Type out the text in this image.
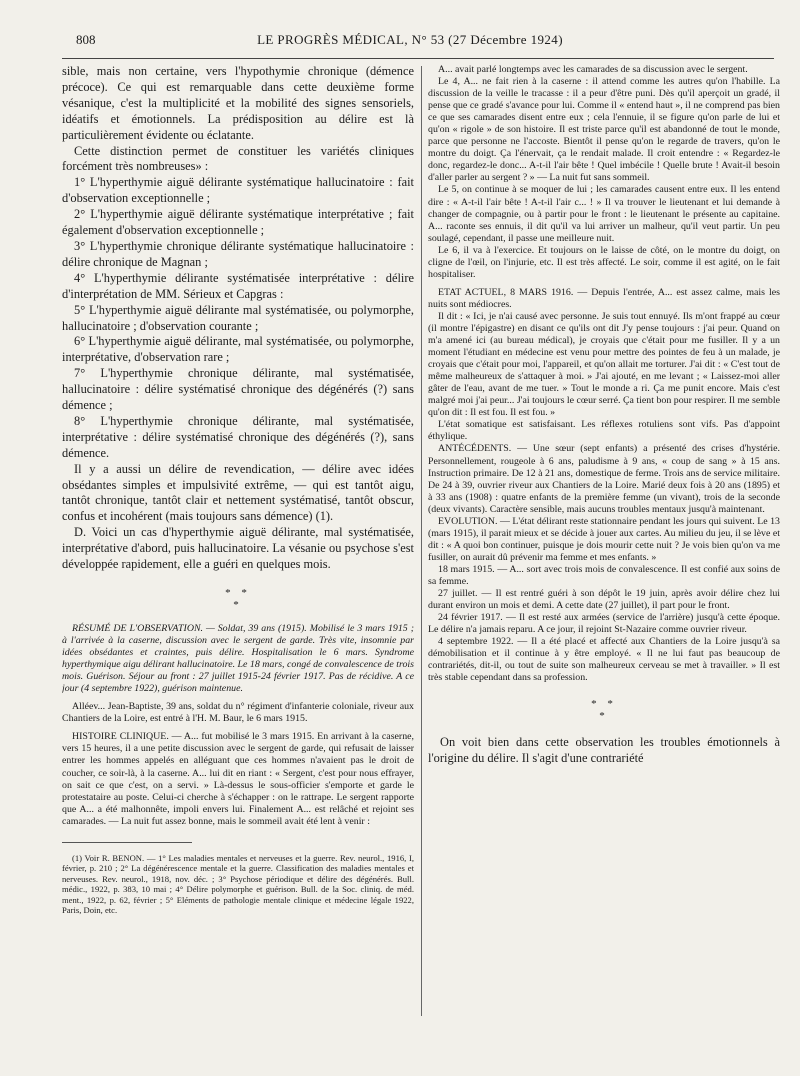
808	LE PROGRÈS MÉDICAL, N° 53 (27 Décembre 1924)

sible, mais non certaine, vers l'hypothymie chronique (démence précoce). Ce qui est remarquable dans cette deuxième forme vésanique, c'est la multiplicité et la mobilité des signes sensoriels, idéatifs et émotionnels. La prédisposition au délire est là particulièrement évidente ou éclatante.

Cette distinction permet de constituer les variétés cliniques forcément très nombreuses» :

1° L'hyperthymie aiguë délirante systématique hallucinatoire : fait d'observation exceptionnelle ;

2° L'hyperthymie aiguë délirante systématique interprétative ; fait également d'observation exceptionnelle ;

3° L'hyperthymie chronique délirante systématique hallucinatoire : délire chronique de Magnan ;

4° L'hyperthymie délirante systématisée interprétative : délire d'interprétation de MM. Sérieux et Capgras :

5° L'hyperthymie aiguë délirante mal systématisée, ou polymorphe, hallucinatoire ; d'observation courante ;

6° L'hyperthymie aiguë délirante, mal systématisée, ou polymorphe, interprétative, d'observation rare ;

7° L'hyperthymie chronique délirante, mal systématisée, hallucinatoire : délire systématisé chronique des dégénérés (?) sans démence ;

8° L'hyperthymie chronique délirante, mal systématisée, interprétative : délire systématisé chronique des dégénérés (?), sans démence.

Il y a aussi un délire de revendication, — délire avec idées obsédantes simples et impulsivité extrême, — qui est tantôt aigu, tantôt chronique, tantôt clair et nettement systématisé, tantôt obscur, confus et incohérent (mais toujours sans démence) (1).

D. Voici un cas d'hyperthymie aiguë délirante, mal systématisée, interprétative d'abord, puis hallucinatoire. La vésanie ou psychose s'est développée rapidement, elle a guéri en quelques mois.

* *
*

RÉSUMÉ DE L'OBSERVATION. — Soldat, 39 ans (1915). Mobilisé le 3 mars 1915 ; à l'arrivée à la caserne, discussion avec le sergent de garde. Très vite, insomnie par idées obsédantes et craintes, puis délire. Hospitalisation le 6 mars. Syndrome hyperthymique aigu délirant hallucinatoire. Le 18 mars, congé de convalescence de trois mois. Guérison. Séjour au front : 27 juillet 1915-24 février 1917. Pas de récidive. A ce jour (4 septembre 1922), guérison maintenue.

Alléev... Jean-Baptiste, 39 ans, soldat du n° régiment d'infanterie coloniale, riveur aux Chantiers de la Loire, est entré à l'H. M. Baur, le 6 mars 1915.

HISTOIRE CLINIQUE. — A... fut mobilisé le 3 mars 1915. En arrivant à la caserne, vers 15 heures, il a une petite discussion avec le sergent de garde, qui refusait de laisser entrer les hommes appelés en alléguant que ces hommes n'avaient pas le droit de coucher, ce soir-là, à la caserne. A... lui dit en riant : « Sergent, c'est pour nous effrayer, on sait ce que c'est, on a servi. » Là-dessus le sous-officier s'emporte et garde le protestataire au poste. Celui-ci cherche à s'échapper : on le rattrape. Le sergent rapporte que A... a été malhonnête, impoli envers lui. Finalement A... est relâché et rejoint ses camarades. — La nuit fut assez bonne, mais le sommeil avait été lent à venir :

(1) Voir R. BENON. — 1° Les maladies mentales et nerveuses et la guerre. Rev. neurol., 1916, I, février, p. 210 ; 2° La dégénérescence mentale et la guerre. Classification des maladies mentales et nerveuses. Rev. neurol., 1918, nov. déc. ; 3° Psychose périodique et délire des dégénérés. Bull. médic., 1922, p. 383, 10 mai ; 4° Délire polymorphe et guérison. Bull. de la Soc. cliniq. de méd. ment., 1922, p. 62, février ; 5° Eléments de pathologie mentale clinique et médecine légale 1922, Paris, Doin, etc.

A... avait parlé longtemps avec les camarades de sa discussion avec le sergent.

Le 4, A... ne fait rien à la caserne : il attend comme les autres qu'on l'habille. La discussion de la veille le tracasse : il a peur d'être puni. Dès qu'il aperçoit un gradé, il pense que ce gradé s'avance pour lui. Comme il « entend haut », il ne comprend pas bien ce que ses camarades disent entre eux ; cela l'ennuie, il se figure qu'on parle de lui et qu'on « rigole » de son histoire. Il est triste parce qu'il est abandonné de tout le monde, parce que personne ne l'accoste. Bientôt il pense qu'on le regarde de travers, qu'on le montre du doigt. Ça l'énervait, ça le rendait malade. Il croit entendre : « Regardez-le donc, regardez-le donc... A-t-il l'air bête ! Quel imbécile ! Quelle brute ! Avait-il besoin d'aller parler au sergent ? » — La nuit fut sans sommeil.

Le 5, on continue à se moquer de lui ; les camarades causent entre eux. Il les entend dire : « A-t-il l'air bête ! A-t-il l'air c... ! » Il va trouver le lieutenant et lui demande à changer de compagnie, ou à partir pour le front : le lieutenant le présente au capitaine. A... raconte ses ennuis, il dit qu'il va lui arriver un malheur, qu'il veut partir. Un peu soulagé, cependant, il passe une meilleure nuit.

Le 6, il va à l'exercice. Et toujours on le laisse de côté, on le montre du doigt, on cligne de l'œil, on l'injurie, etc. Il est très affecté. Le soir, comme il est agité, on le fait hospitaliser.

ETAT ACTUEL, 8 MARS 1916. — Depuis l'entrée, A... est assez calme, mais les nuits sont médiocres.

Il dit : « Ici, je n'ai causé avec personne. Je suis tout ennuyé. Ils m'ont frappé au cœur (il montre l'épigastre) en disant ce qu'ils ont dit J'y pense toujours : j'ai peur. Quand on m'a amené ici (au bureau médical), je croyais que c'était pour me fusiller. Il y a un moment l'étudiant en médecine est venu pour mettre des pointes de feu à un malade, je croyais que c'était pour moi, l'appareil, et qu'on allait me torturer. J'ai dit : « C'est tout de même malheureux de s'attaquer à moi. » J'ai ajouté, en me levant ; « Laissez-moi aller gâter de l'eau, avant de me tuer. » Tout le monde a ri. Ça me punit encore. Mais c'est malgré moi j'ai peur... J'ai toujours le cœur serré. Ça tient bon pour respirer. Il me semble qu'on dit : Il est fou. Il est fou. »

L'état somatique est satisfaisant. Les réflexes rotuliens sont vifs. Pas d'appoint éthylique.

ANTÉCÉDENTS. — Une sœur (sept enfants) a présenté des crises d'hystérie. Personnellement, rougeole à 6 ans, paludisme à 9 ans, « coup de sang » à 15 ans. Instruction primaire. De 12 à 21 ans, domestique de ferme. Trois ans de service militaire. De 24 à 39, ouvrier riveur aux Chantiers de la Loire. Marié deux fois à 20 ans (1895) et à 33 ans (1908) : quatre enfants de la première femme (un vivant), trois de la seconde (deux vivants). Caractère sensible, mais aucuns troubles mentaux jusqu'à maintenant.

EVOLUTION. — L'état délirant reste stationnaire pendant les jours qui suivent. Le 13 (mars 1915), il parait mieux et se décide à jouer aux cartes. Au milieu du jeu, il se lève et dit : « A quoi bon continuer, puisque je dois mourir cette nuit ? Je vois bien qu'on va me fusiller, on aurait dû prévenir ma femme et mes enfants. »

18 mars 1915. — A... sort avec trois mois de convalescence. Il est confié aux soins de sa femme.

27 juillet. — Il est rentré guéri à son dépôt le 19 juin, après avoir délire chez lui durant environ un mois et demi. A cette date (27 juillet), il part pour le front.

24 février 1917. — Il est resté aux armées (service de l'arrière) jusqu'à cette époque. Le délire n'a jamais reparu. A ce jour, il rejoint St-Nazaire comme ouvrier riveur.

4 septembre 1922. — Il a été placé et affecté aux Chantiers de la Loire jusqu'à sa démobilisation et il continue à y être employé. « Il ne lui faut pas beaucoup de contrariétés, dit-il, ou tout de suite son malheureux cerveau se met à travailler. » Il est très stable cependant dans sa profession.

* *
*

On voit bien dans cette observation les troubles émotionnels à l'origine du délire. Il s'agit d'une contrariété
